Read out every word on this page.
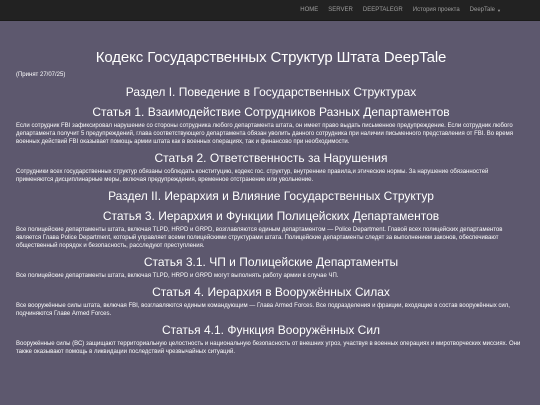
HOME	SERVER	DEEPTALEGR	История проекта	DeepTale ▼
Кодекс Государственных Структур Штата DeepTale
(Принят 27/07/25)
Раздел I. Поведение в Государственных Структурах
Статья 1. Взаимодействие Сотрудников Разных Департаментов

Если сотрудник FBI зафиксировал нарушение со стороны сотрудника любого департамента штата, он имеет право выдать письменное предупреждение. Если сотрудник любого департамента получит 5 предупреждений, глава соответствующего департамента обязан уволить данного сотрудника при наличии письменного представления от FBI. Во время военных действий FBI оказывает помощь армии штата как в военных операциях, так и финансово при необходимости.

Статья 2. Ответственность за Нарушения

Сотрудники всех государственных структур обязаны соблюдать конституцию, кодекс гос. структур, внутренние правила,и этические нормы. За нарушение обязанностей применяются дисциплинарные меры, включая предупреждения, временное отстранение или увольнение.

Раздел II. Иерархия и Влияние Государственных Структур
Статья 3. Иерархия и Функции Полицейских Департаментов

Все полицейские департаменты штата, включая TLPD, HRPD и GRPD, возглавляются единым департаментом — Police Department. Главой всех полицейских департаментов является Глава Police Department, который управляет всеми полицейскими структурами штата. Полицейские департаменты следят за выполнением законов, обеспечивают общественный порядок и безопасность, расследуют преступления.

Статья 3.1. ЧП и Полицейские Департаменты

Все полицейские департаменты штата, включая TLPD, HRPD и GRPD могут выполнять работу армии в случае ЧП.

Статья 4. Иерархия в Вооружённых Силах

Все вооружённые силы штата, включая FBI, возглавляются единым командующим — Глава Armed Forces. Все подразделения и фракции, входящие в состав вооружённых сил, подчиняются Главе Armed Forces.

Статья 4.1. Функция Вооружённых Сил

Вооружённые силы (ВС) защищают территориальную целостность и национальную безопасность от внешних угроз, участвуя в военных операциях и миротворческих миссиях. Они также оказывают помощь в ликвидации последствий чрезвычайных ситуаций.
